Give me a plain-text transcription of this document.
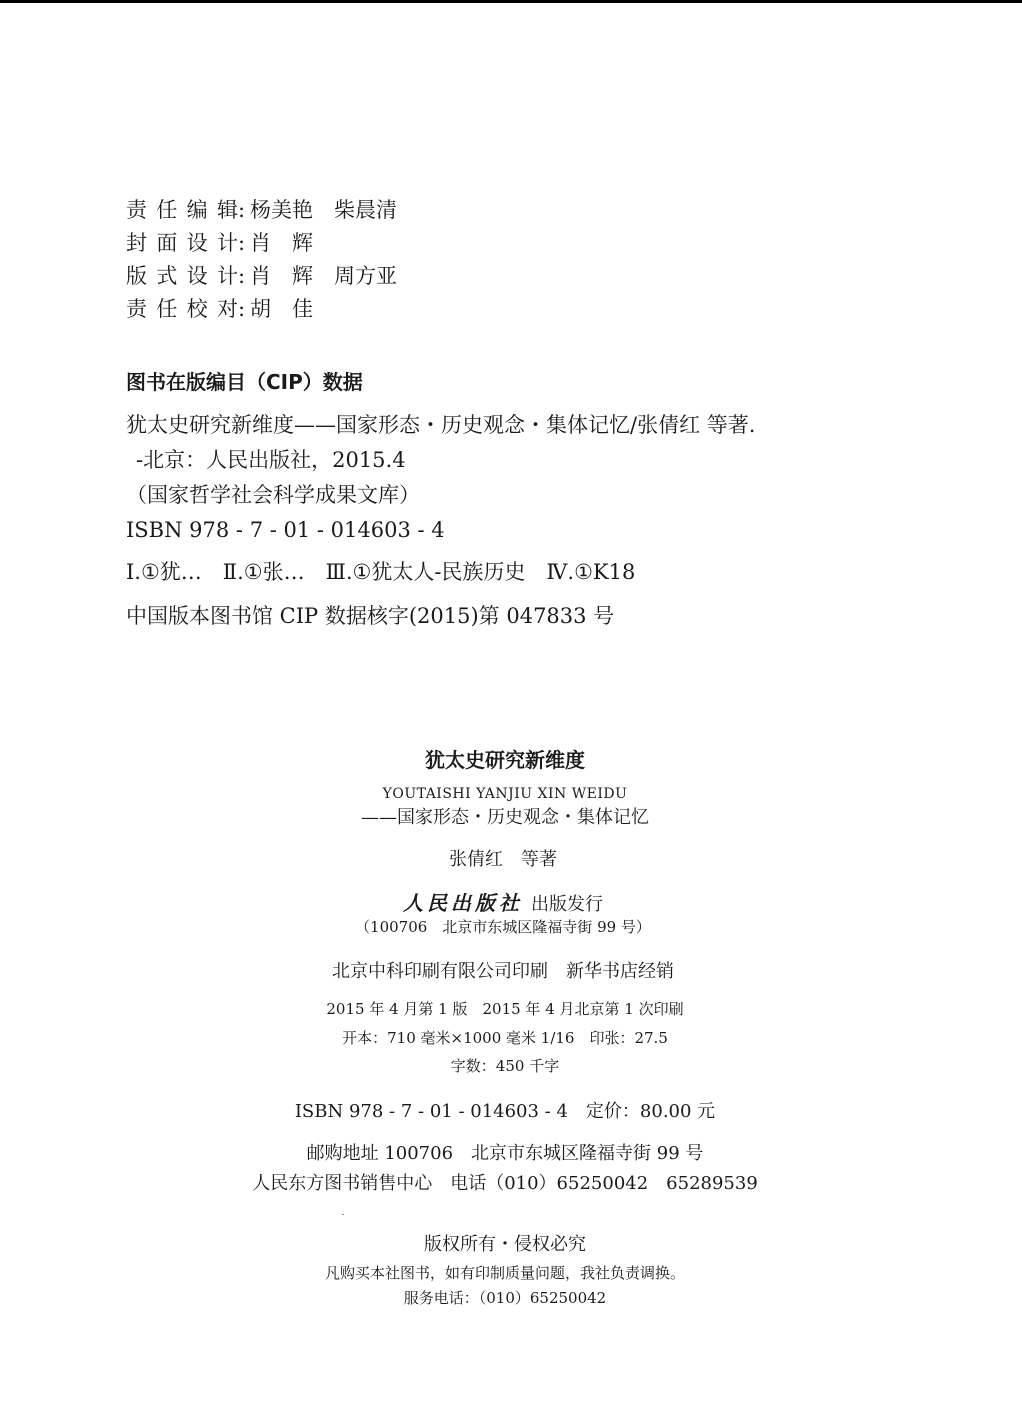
责任编辑 : 杨美艳　柴晨清
封面设计 : 肖　辉
版式设计 : 肖　辉　周方亚
责任校对 : 胡　佳
图书在版编目（CIP）数据
犹太史研究新维度——国家形态・历史观念・集体记忆/张倩红 等著.
-北京：人民出版社，2015.4
（国家哲学社会科学成果文库）
ISBN 978 - 7 - 01 - 014603 - 4
Ⅰ.①犹…　Ⅱ.①张…　Ⅲ.①犹太人-民族历史　Ⅳ.①K18
中国版本图书馆 CIP 数据核字(2015)第 047833 号
犹太史研究新维度
YOUTAISHI YANJIU XIN WEIDU
——国家形态・历史观念・集体记忆
张倩红　等著
人民出版社 出版发行
（100706　北京市东城区隆福寺街 99 号）
北京中科印刷有限公司印刷　新华书店经销
2015 年 4 月第 1 版　2015 年 4 月北京第 1 次印刷
开本：710 毫米×1000 毫米 1/16　印张：27.5
字数：450 千字
ISBN 978 - 7 - 01 - 014603 - 4　定价：80.00 元
邮购地址 100706　北京市东城区隆福寺街 99 号
人民东方图书销售中心　电话（010）65250042　65289539
版权所有・侵权必究
凡购买本社图书，如有印制质量问题，我社负责调换。
服务电话：（010）65250042
